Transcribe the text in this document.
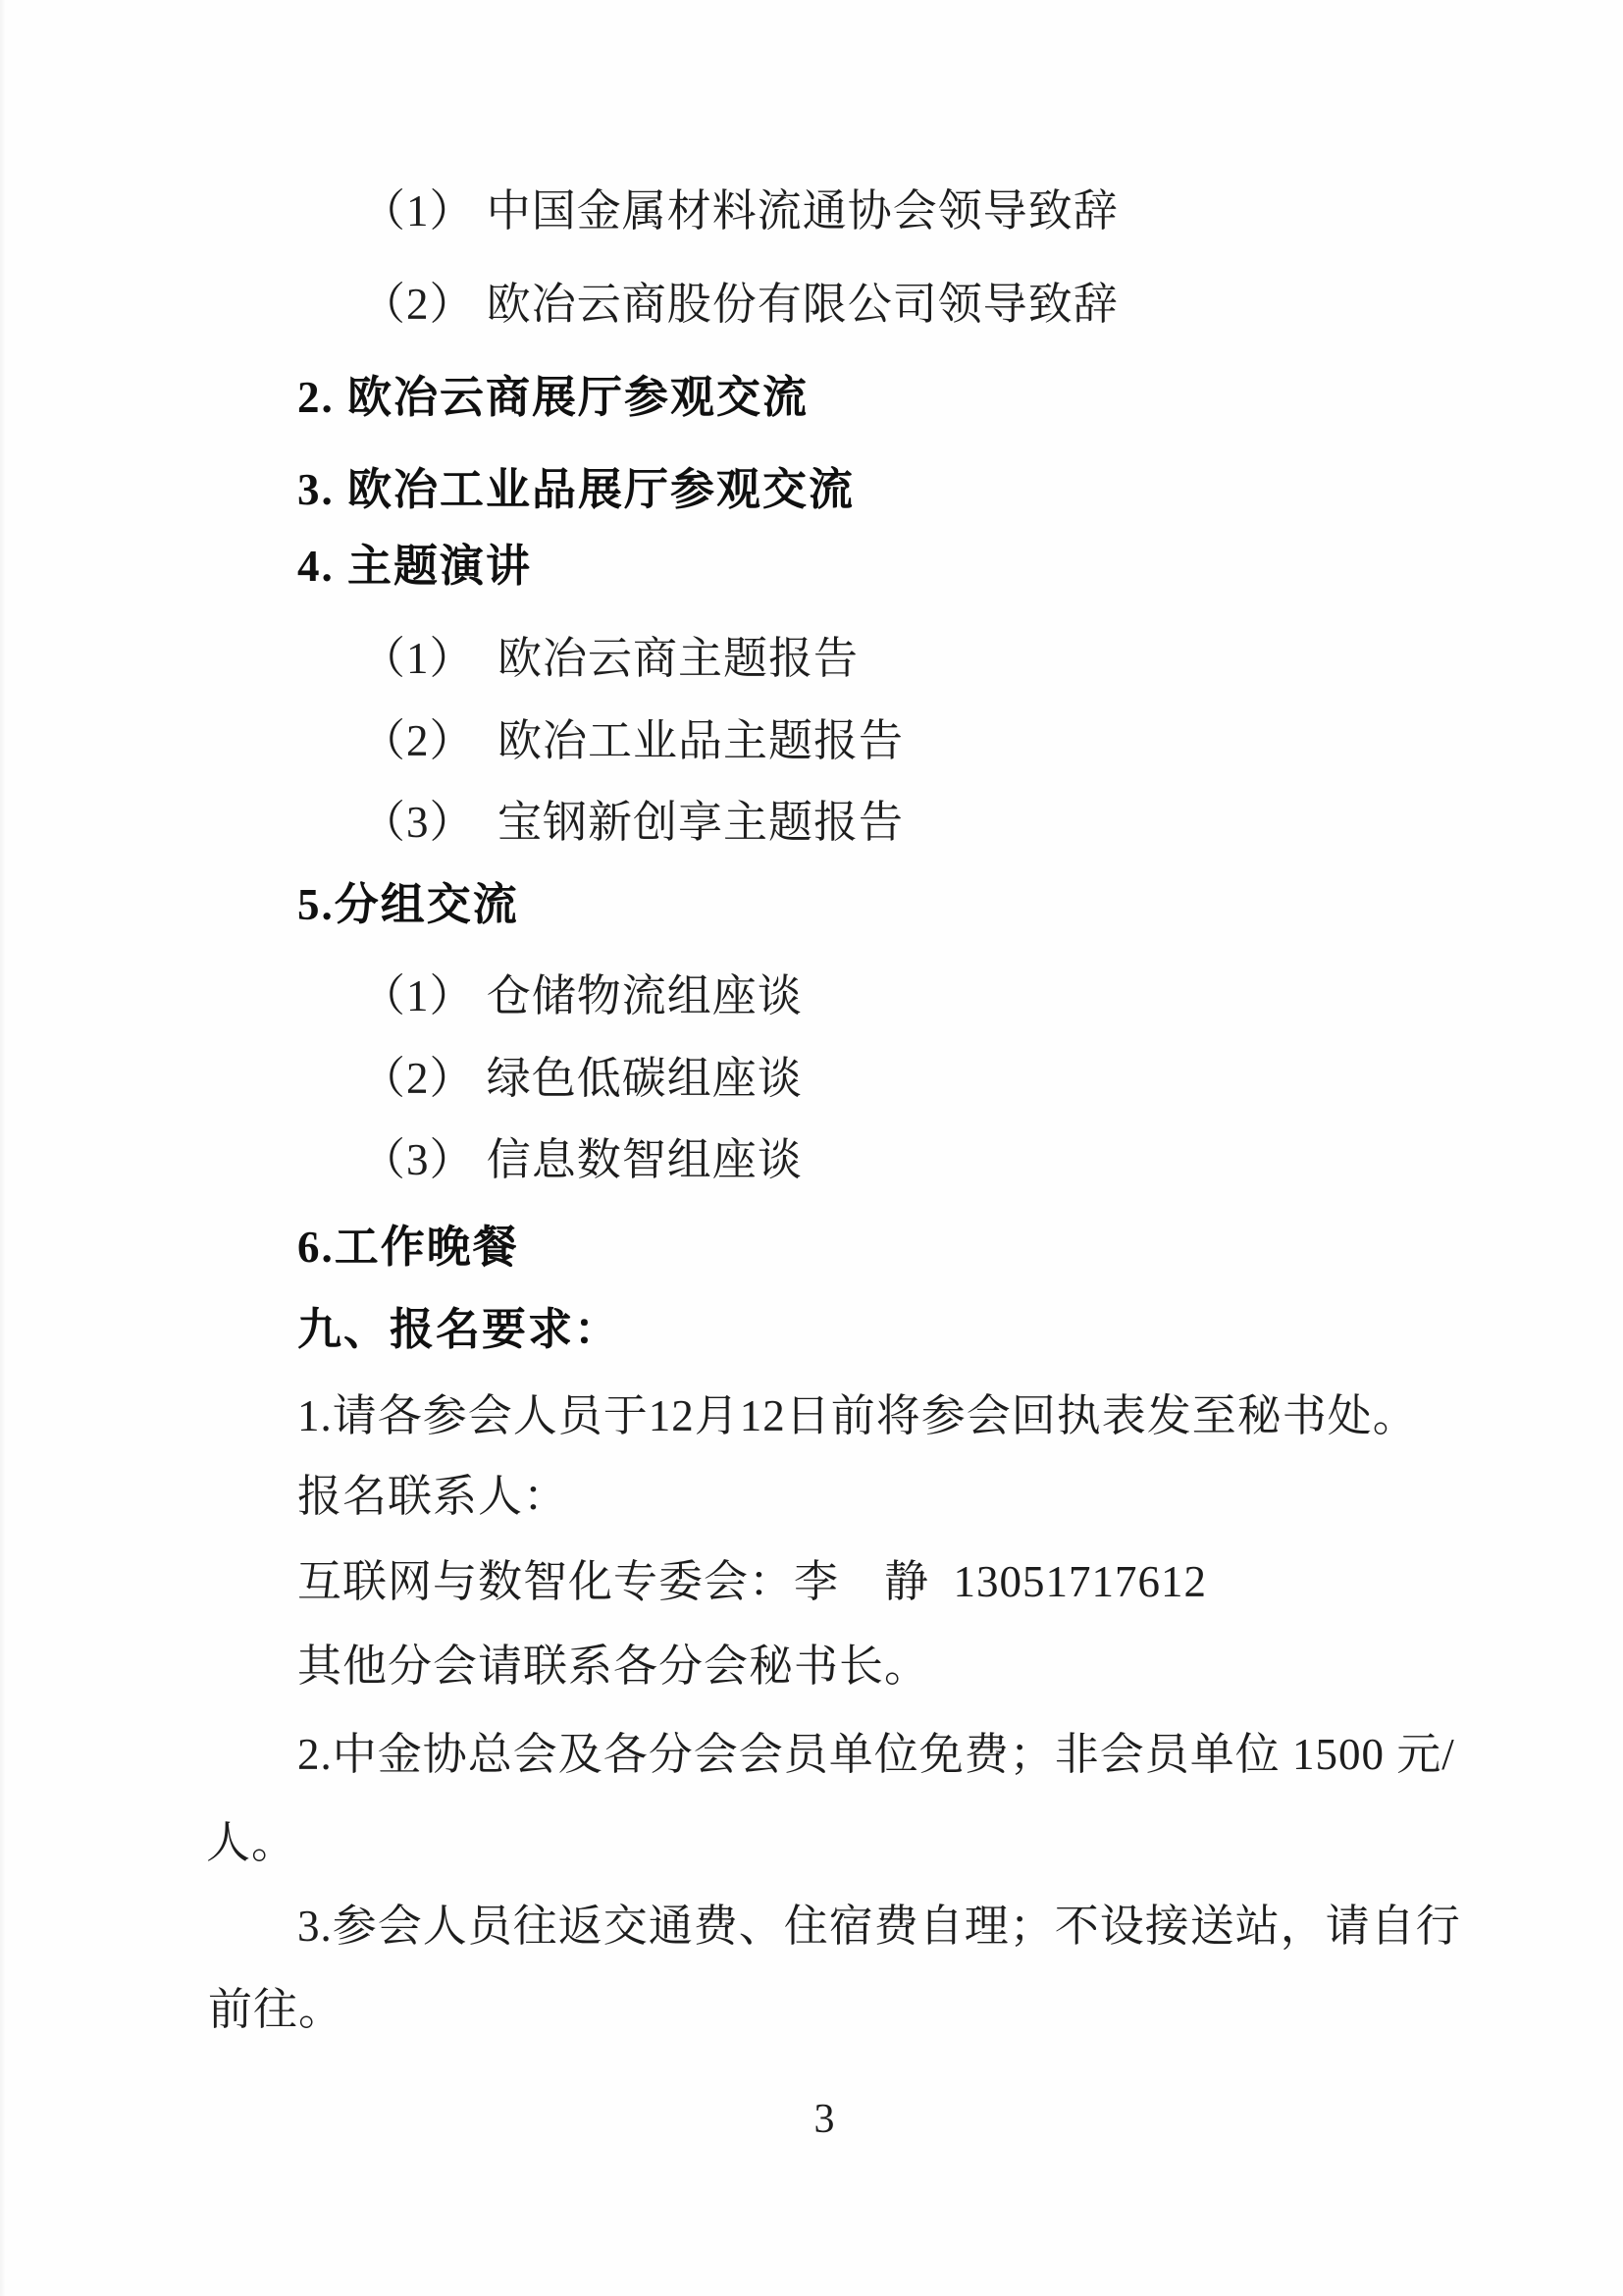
（1） 中国金属材料流通协会领导致辞
（2） 欧冶云商股份有限公司领导致辞
2. 欧冶云商展厅参观交流
3. 欧冶工业品展厅参观交流
4. 主题演讲
（1）　欧冶云商主题报告
（2）　欧冶工业品主题报告
（3）　宝钢新创享主题报告
5.分组交流
（1） 仓储物流组座谈
（2） 绿色低碳组座谈
（3） 信息数智组座谈
6.工作晚餐
九、报名要求：
1.请各参会人员于12月12日前将参会回执表发至秘书处。
报名联系人：
互联网与数智化专委会：李　静  13051717612
其他分会请联系各分会秘书长。
2.中金协总会及各分会会员单位免费；非会员单位 1500 元/
人。
3.参会人员往返交通费、住宿费自理；不设接送站，请自行
前往。
3
